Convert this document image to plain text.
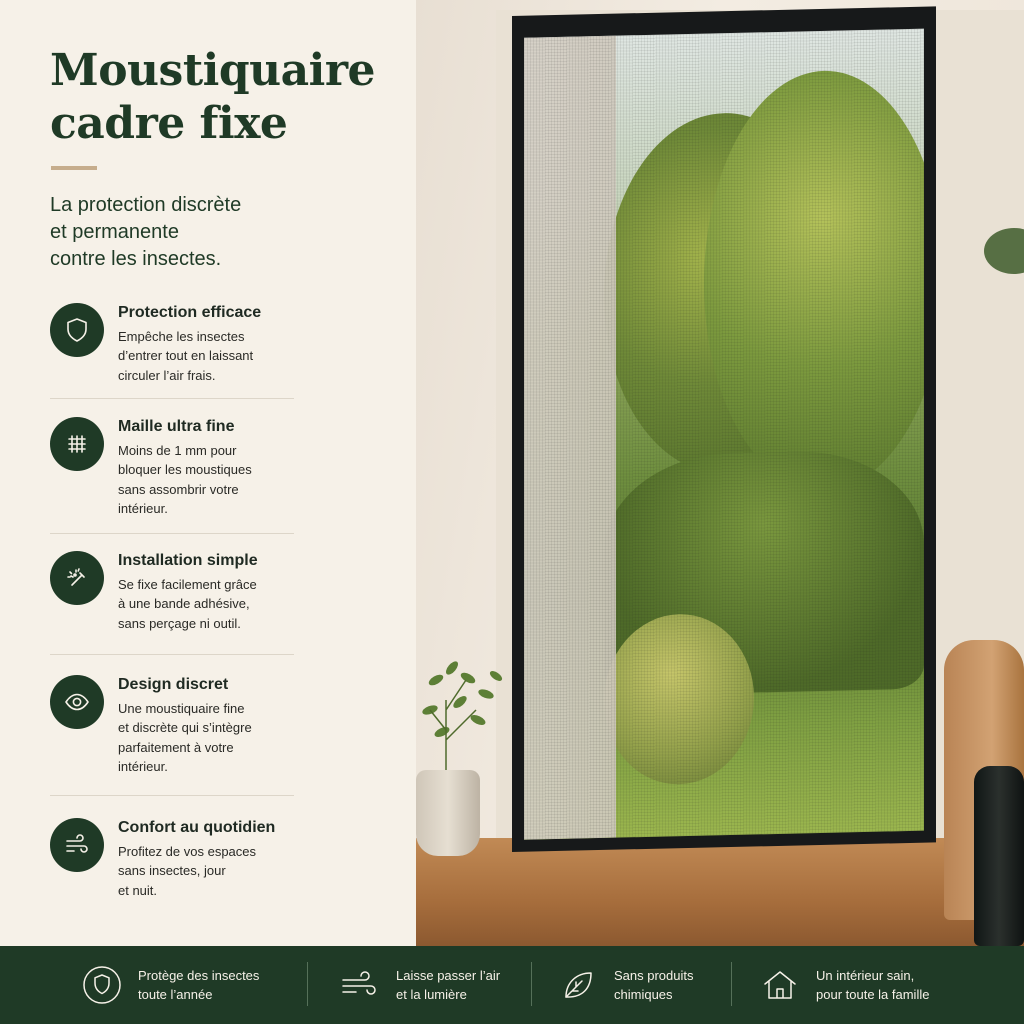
Moustiquaire
cadre fixe

La protection discrète
et permanente
contre les insectes.

Protection efficace
Empêche les insectes
d’entrer tout en laissant
circuler l’air frais.
Maille ultra fine
Moins de 1 mm pour
bloquer les moustiques
sans assombrir votre
intérieur.
Installation simple
Se fixe facilement grâce
à une bande adhésive,
sans perçage ni outil.
Design discret
Une moustiquaire fine
et discrète qui s’intègre
parfaitement à votre
intérieur.
Confort au quotidien
Profitez de vos espaces
sans insectes, jour
et nuit.
Protège des insectes
toute l’année
Laisse passer l’air
et la lumière
Sans produits
chimiques
Un intérieur sain,
pour toute la famille
